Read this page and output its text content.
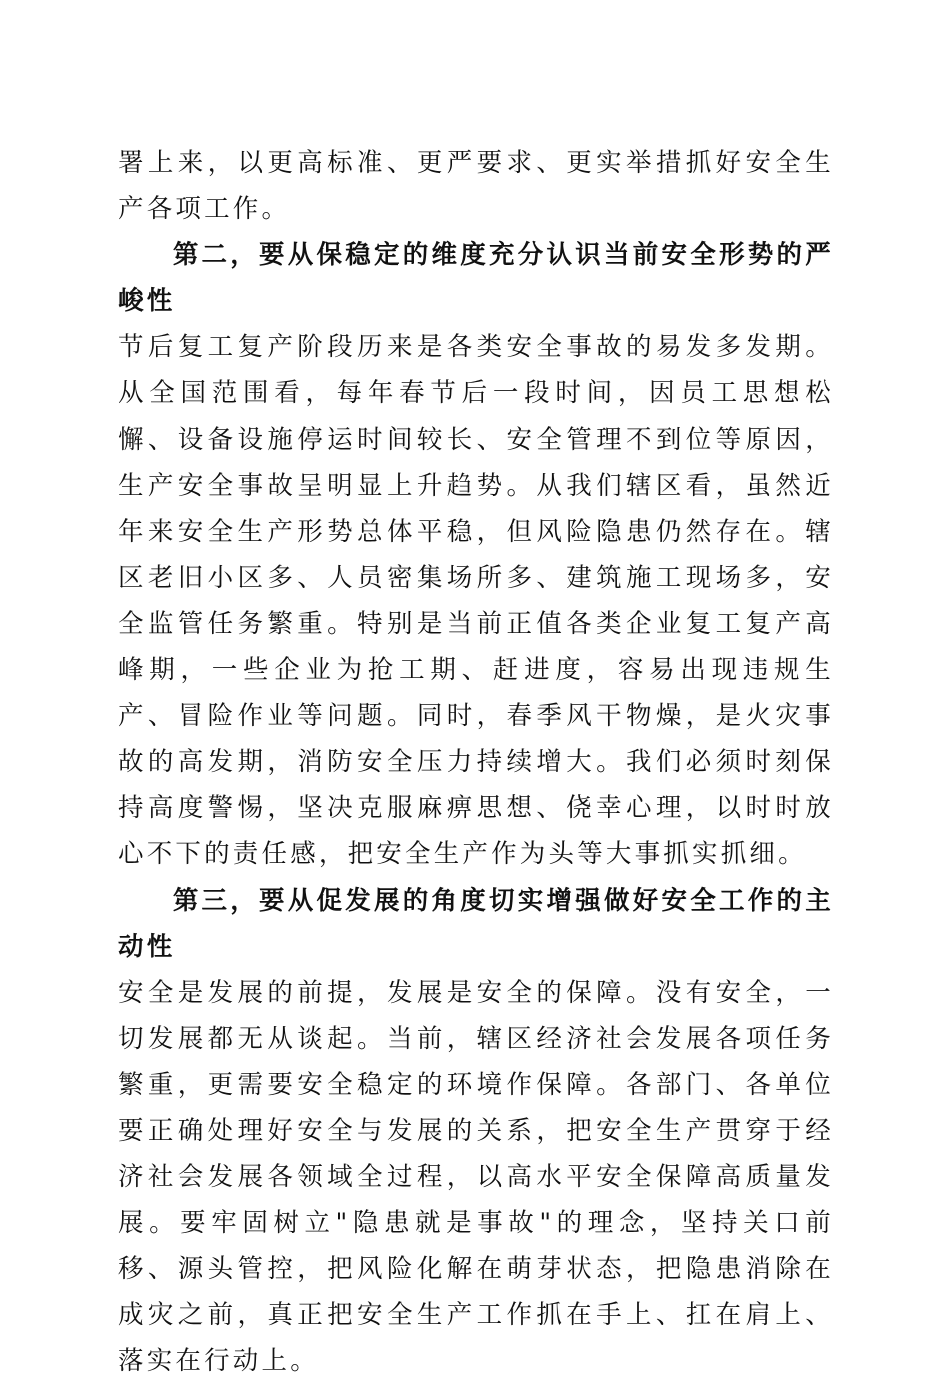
署上来，以更高标准、更严要求、更实举措抓好安全生产各项工作。

第二，要从保稳定的维度充分认识当前安全形势的严峻性

节后复工复产阶段历来是各类安全事故的易发多发期。从全国范围看，每年春节后一段时间，因员工思想松懈、设备设施停运时间较长、安全管理不到位等原因，生产安全事故呈明显上升趋势。从我们辖区看，虽然近年来安全生产形势总体平稳，但风险隐患仍然存在。辖区老旧小区多、人员密集场所多、建筑施工现场多，安全监管任务繁重。特别是当前正值各类企业复工复产高峰期，一些企业为抢工期、赶进度，容易出现违规生产、冒险作业等问题。同时，春季风干物燥，是火灾事故的高发期，消防安全压力持续增大。我们必须时刻保持高度警惕，坚决克服麻痹思想、侥幸心理，以时时放心不下的责任感，把安全生产作为头等大事抓实抓细。

第三，要从促发展的角度切实增强做好安全工作的主动性

安全是发展的前提，发展是安全的保障。没有安全，一切发展都无从谈起。当前，辖区经济社会发展各项任务繁重，更需要安全稳定的环境作保障。各部门、各单位要正确处理好安全与发展的关系，把安全生产贯穿于经济社会发展各领域全过程，以高水平安全保障高质量发展。要牢固树立"隐患就是事故"的理念，坚持关口前移、源头管控，把风险化解在萌芽状态，把隐患消除在成灾之前，真正把安全生产工作抓在手上、扛在肩上、落实在行动上。
